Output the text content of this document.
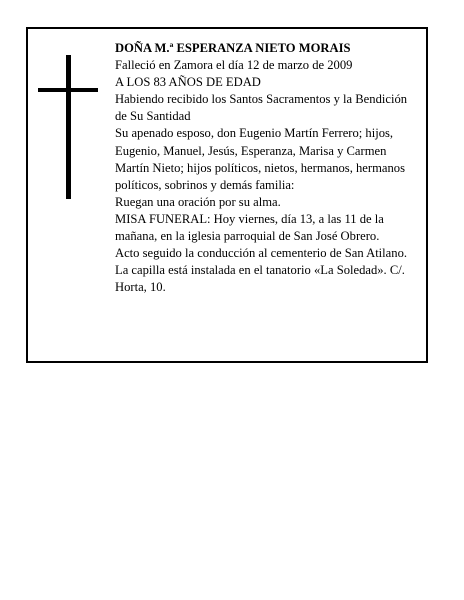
DOÑA M.ª ESPERANZA NIETO MORAIS

Falleció en Zamora el día 12 de marzo de 2009

A LOS 83 AÑOS DE EDAD

Habiendo recibido los Santos Sacramentos y la Bendición de Su Santidad

Su apenado esposo, don Eugenio Martín Ferrero; hijos, Eugenio, Manuel, Jesús, Esperanza, Marisa y Carmen Martín Nieto; hijos políticos, nietos, hermanos, hermanos políticos, sobrinos y demás familia:

Ruegan una oración por su alma.

MISA FUNERAL: Hoy viernes, día 13, a las 11 de la mañana, en la iglesia parroquial de San José Obrero.

Acto seguido la conducción al cementerio de San Atilano.

La capilla está instalada en el tanatorio «La Soledad». C/. Horta, 10.
